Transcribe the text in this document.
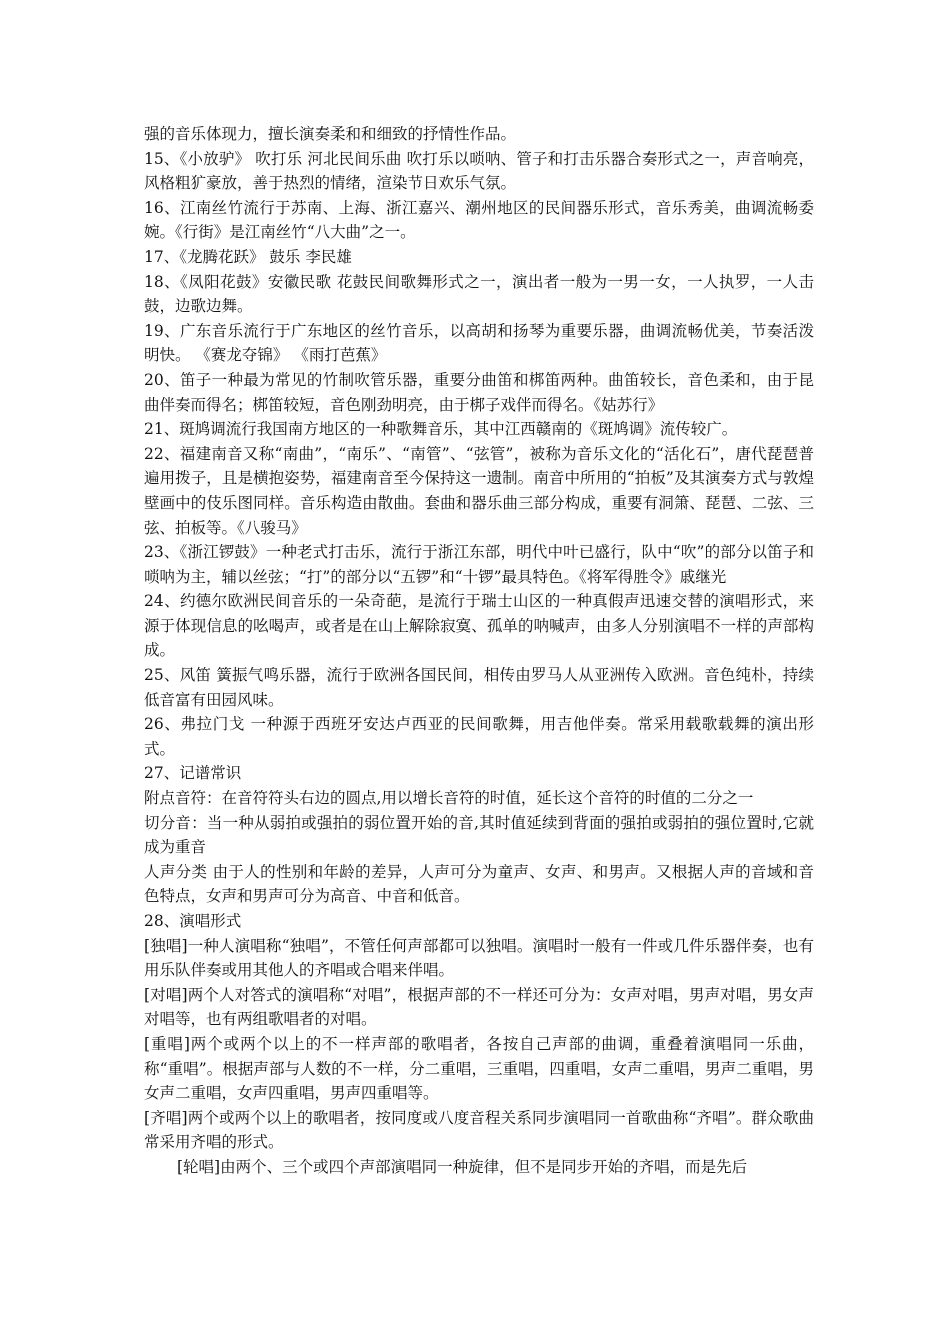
强的音乐体现力，擅长演奏柔和和细致的抒情性作品。

15、《小放驴》 吹打乐 河北民间乐曲 吹打乐以唢呐、管子和打击乐器合奏形式之一，声音响亮，风格粗犷豪放，善于热烈的情绪，渲染节日欢乐气氛。

16、江南丝竹流行于苏南、上海、浙江嘉兴、潮州地区的民间器乐形式，音乐秀美，曲调流畅委婉。《行街》是江南丝竹“八大曲”之一。

17、《龙腾花跃》 鼓乐 李民雄

18、《凤阳花鼓》安徽民歌 花鼓民间歌舞形式之一，演出者一般为一男一女，一人执罗，一人击鼓，边歌边舞。

19、广东音乐流行于广东地区的丝竹音乐，以高胡和扬琴为重要乐器，曲调流畅优美，节奏活泼明快。 《赛龙夺锦》 《雨打芭蕉》

20、笛子一种最为常见的竹制吹管乐器，重要分曲笛和梆笛两种。曲笛较长，音色柔和，由于昆曲伴奏而得名；梆笛较短，音色刚劲明亮，由于梆子戏伴而得名。《姑苏行》

21、斑鸠调流行我国南方地区的一种歌舞音乐，其中江西赣南的《斑鸠调》流传较广。

22、福建南音又称“南曲”，“南乐”、“南管”、“弦管”，被称为音乐文化的“活化石”，唐代琵琶普遍用拨子，且是横抱姿势，福建南音至今保持这一遗制。南音中所用的“拍板”及其演奏方式与敦煌壁画中的伎乐图同样。音乐构造由散曲。套曲和器乐曲三部分构成，重要有洞箫、琵琶、二弦、三弦、拍板等。《八骏马》

23、《浙江锣鼓》一种老式打击乐，流行于浙江东部，明代中叶已盛行，队中“吹”的部分以笛子和唢呐为主，辅以丝弦；“打”的部分以“五锣”和“十锣”最具特色。《将军得胜令》戚继光

24、约德尔欧洲民间音乐的一朵奇葩，是流行于瑞士山区的一种真假声迅速交替的演唱形式，来源于体现信息的吆喝声，或者是在山上解除寂寞、孤单的呐喊声，由多人分别演唱不一样的声部构成。

25、风笛 簧振气鸣乐器，流行于欧洲各国民间，相传由罗马人从亚洲传入欧洲。音色纯朴，持续低音富有田园风味。

26、弗拉门戈 一种源于西班牙安达卢西亚的民间歌舞，用吉他伴奏。常采用载歌载舞的演出形式。

27、记谱常识

附点音符：在音符符头右边的圆点,用以增长音符的时值，延长这个音符的时值的二分之一

切分音：当一种从弱拍或强拍的弱位置开始的音,其时值延续到背面的强拍或弱拍的强位置时,它就成为重音

人声分类 由于人的性别和年龄的差异，人声可分为童声、女声、和男声。又根据人声的音域和音色特点，女声和男声可分为高音、中音和低音。

28、演唱形式

[独唱]一种人演唱称“独唱”，不管任何声部都可以独唱。演唱时一般有一件或几件乐器伴奏，也有用乐队伴奏或用其他人的齐唱或合唱来伴唱。

[对唱]两个人对答式的演唱称“对唱”，根据声部的不一样还可分为：女声对唱，男声对唱，男女声对唱等，也有两组歌唱者的对唱。

[重唱]两个或两个以上的不一样声部的歌唱者，各按自己声部的曲调，重叠着演唱同一乐曲，称“重唱”。根据声部与人数的不一样，分二重唱，三重唱，四重唱，女声二重唱，男声二重唱，男女声二重唱，女声四重唱，男声四重唱等。

[齐唱]两个或两个以上的歌唱者，按同度或八度音程关系同步演唱同一首歌曲称“齐唱”。群众歌曲常采用齐唱的形式。

[轮唱]由两个、三个或四个声部演唱同一种旋律，但不是同步开始的齐唱，而是先后
